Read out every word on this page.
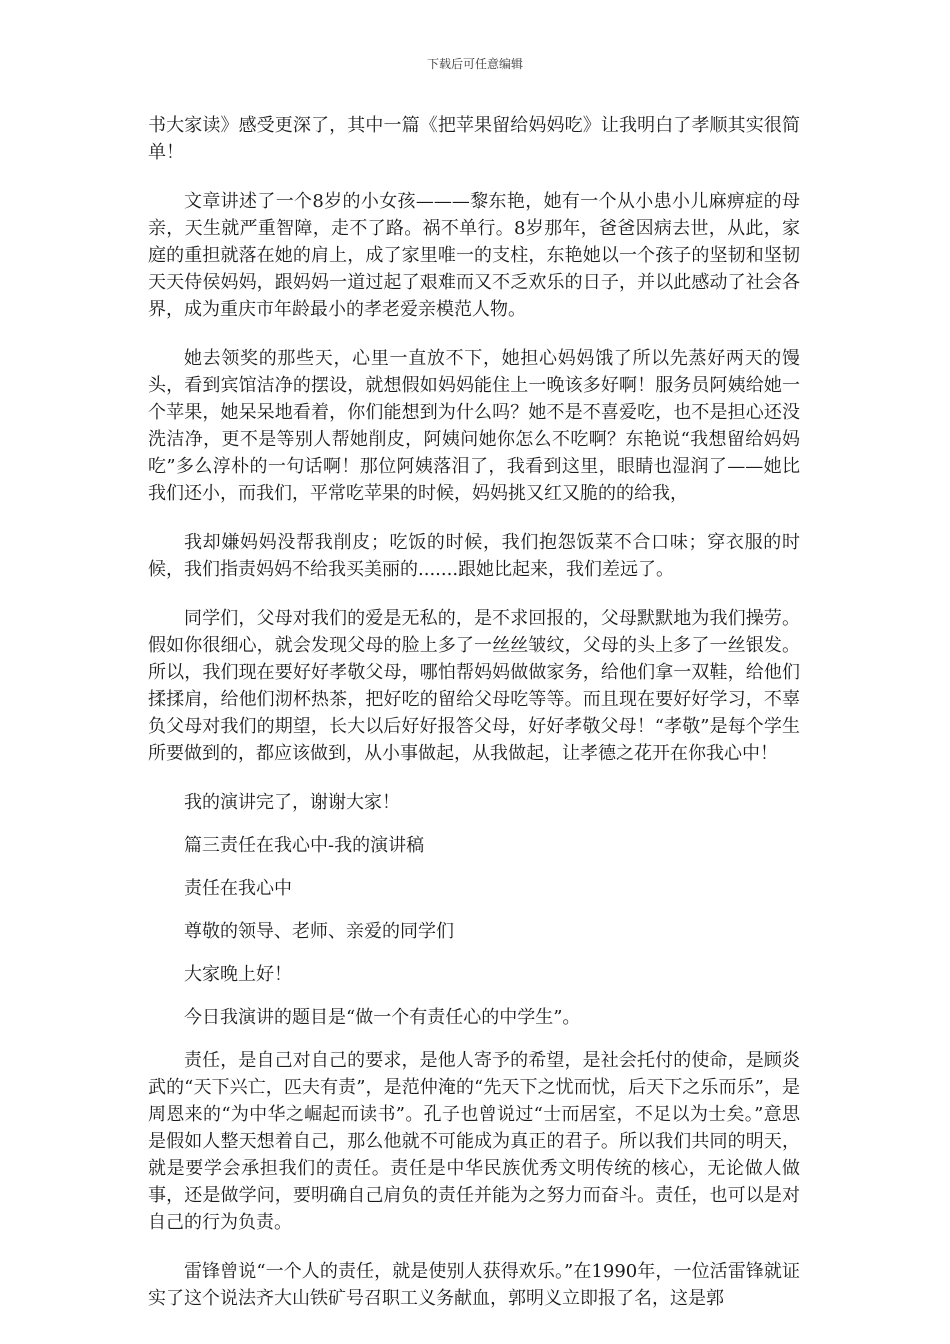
下载后可任意编辑

书大家读》感受更深了，其中一篇《把苹果留给妈妈吃》让我明白了孝顺其实很简单！

文章讲述了一个8岁的小女孩———黎东艳，她有一个从小患小儿麻痹症的母亲，天生就严重智障，走不了路。祸不单行。8岁那年，爸爸因病去世，从此，家庭的重担就落在她的肩上，成了家里唯一的支柱，东艳她以一个孩子的坚韧和坚韧天天侍侯妈妈，跟妈妈一道过起了艰难而又不乏欢乐的日子，并以此感动了社会各界，成为重庆市年龄最小的孝老爱亲模范人物。

她去领奖的那些天，心里一直放不下，她担心妈妈饿了所以先蒸好两天的馒头，看到宾馆洁净的摆设，就想假如妈妈能住上一晚该多好啊！服务员阿姨给她一个苹果，她呆呆地看着，你们能想到为什么吗？她不是不喜爱吃，也不是担心还没洗洁净，更不是等别人帮她削皮，阿姨问她你怎么不吃啊？东艳说“我想留给妈妈吃”多么淳朴的一句话啊！那位阿姨落泪了，我看到这里，眼睛也湿润了——她比我们还小，而我们，平常吃苹果的时候，妈妈挑又红又脆的的给我，

我却嫌妈妈没帮我削皮；吃饭的时候，我们抱怨饭菜不合口味；穿衣服的时候，我们指责妈妈不给我买美丽的.......跟她比起来，我们差远了。

同学们，父母对我们的爱是无私的，是不求回报的，父母默默地为我们操劳。假如你很细心，就会发现父母的脸上多了一丝丝皱纹，父母的头上多了一丝银发。所以，我们现在要好好孝敬父母，哪怕帮妈妈做做家务，给他们拿一双鞋，给他们揉揉肩，给他们沏杯热茶，把好吃的留给父母吃等等。而且现在要好好学习，不辜负父母对我们的期望，长大以后好好报答父母，好好孝敬父母！“孝敬”是每个学生所要做到的，都应该做到，从小事做起，从我做起，让孝德之花开在你我心中！

我的演讲完了，谢谢大家！

篇三责任在我心中-我的演讲稿

责任在我心中

尊敬的领导、老师、亲爱的同学们

大家晚上好！

今日我演讲的题目是“做一个有责任心的中学生”。

责任，是自己对自己的要求，是他人寄予的希望，是社会托付的使命，是顾炎武的“天下兴亡，匹夫有责”，是范仲淹的“先天下之忧而忧，后天下之乐而乐”，是周恩来的“为中华之崛起而读书”。孔子也曾说过“士而居室，不足以为士矣。”意思是假如人整天想着自己，那么他就不可能成为真正的君子。所以我们共同的明天，就是要学会承担我们的责任。责任是中华民族优秀文明传统的核心，无论做人做事，还是做学问，要明确自己肩负的责任并能为之努力而奋斗。责任，也可以是对自己的行为负责。

雷锋曾说“一个人的责任，就是使别人获得欢乐。”在1990年，一位活雷锋就证实了这个说法齐大山铁矿号召职工义务献血，郭明义立即报了名，这是郭
